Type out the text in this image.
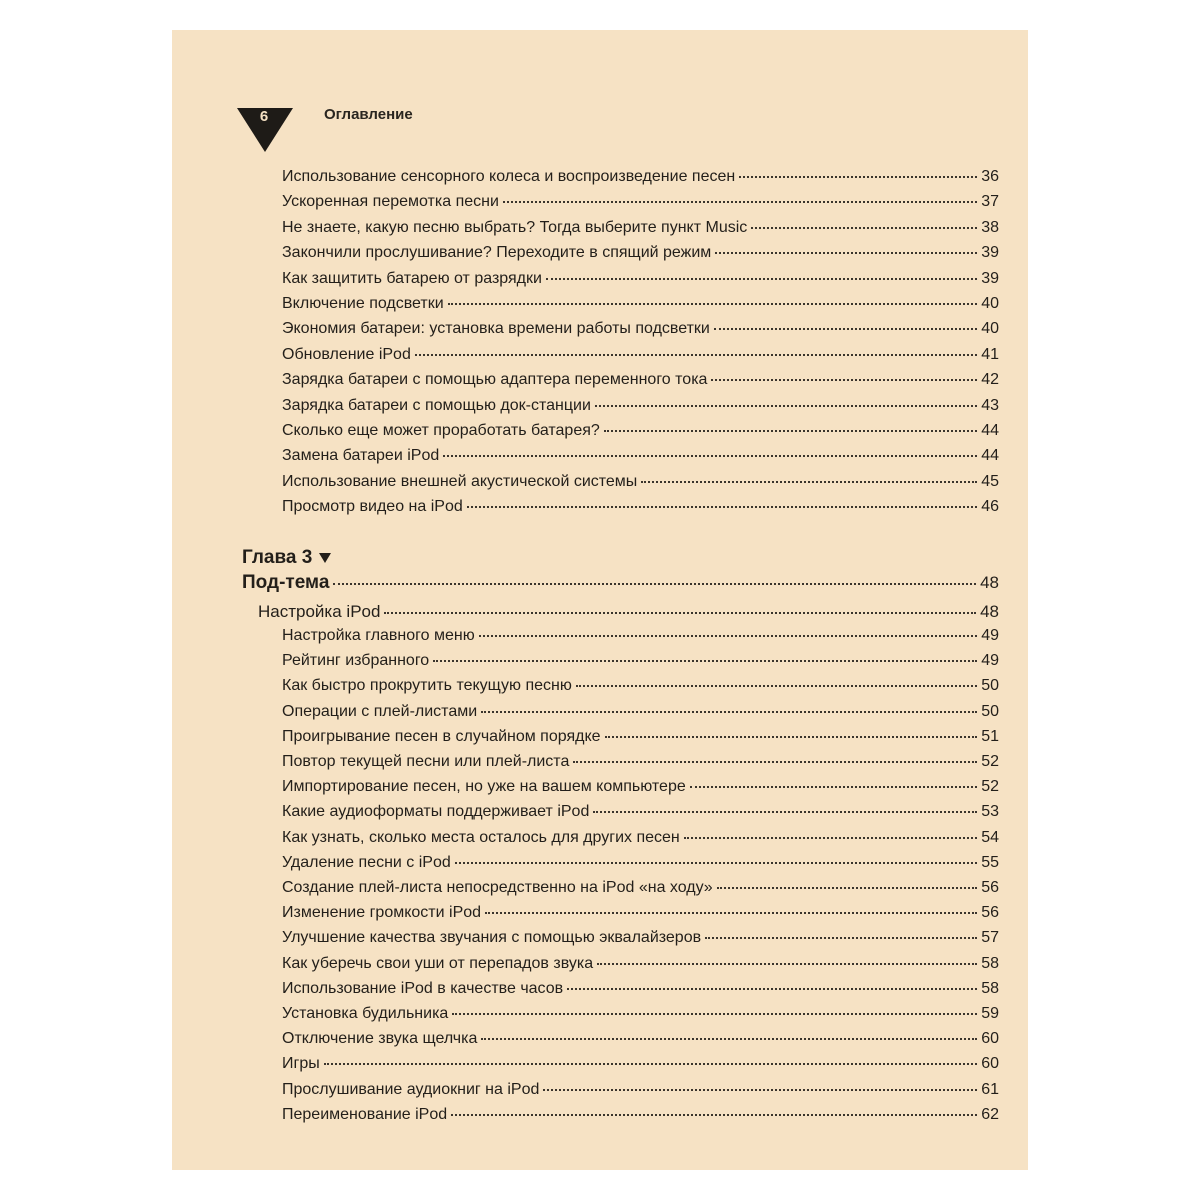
6	Оглавление
Использование сенсорного колеса и воспроизведение песен	36
Ускоренная перемотка песни	37
Не знаете, какую песню выбрать? Тогда выберите пункт Music	38
Закончили прослушивание? Переходите в спящий режим	39
Как защитить батарею от разрядки	39
Включение подсветки	40
Экономия батареи: установка времени работы подсветки	40
Обновление iPod	41
Зарядка батареи с помощью адаптера переменного тока	42
Зарядка батареи с помощью док-станции	43
Сколько еще может проработать батарея?	44
Замена батареи iPod	44
Использование внешней акустической системы	45
Просмотр видео на iPod	46
Глава 3
Под-тема	48
Настройка iPod	48
Настройка главного меню	49
Рейтинг избранного	49
Как быстро прокрутить текущую песню	50
Операции с плей-листами	50
Проигрывание песен в случайном порядке	51
Повтор текущей песни или плей-листа	52
Импортирование песен, но уже на вашем компьютере	52
Какие аудиоформаты поддерживает iPod	53
Как узнать, сколько места осталось для других песен	54
Удаление песни с iPod	55
Создание плей-листа непосредственно на iPod «на ходу»	56
Изменение громкости iPod	56
Улучшение качества звучания с помощью эквалайзеров	57
Как уберечь свои уши от перепадов звука	58
Использование iPod в качестве часов	58
Установка будильника	59
Отключение звука щелчка	60
Игры	60
Прослушивание аудиокниг на iPod	61
Переименование iPod	62
